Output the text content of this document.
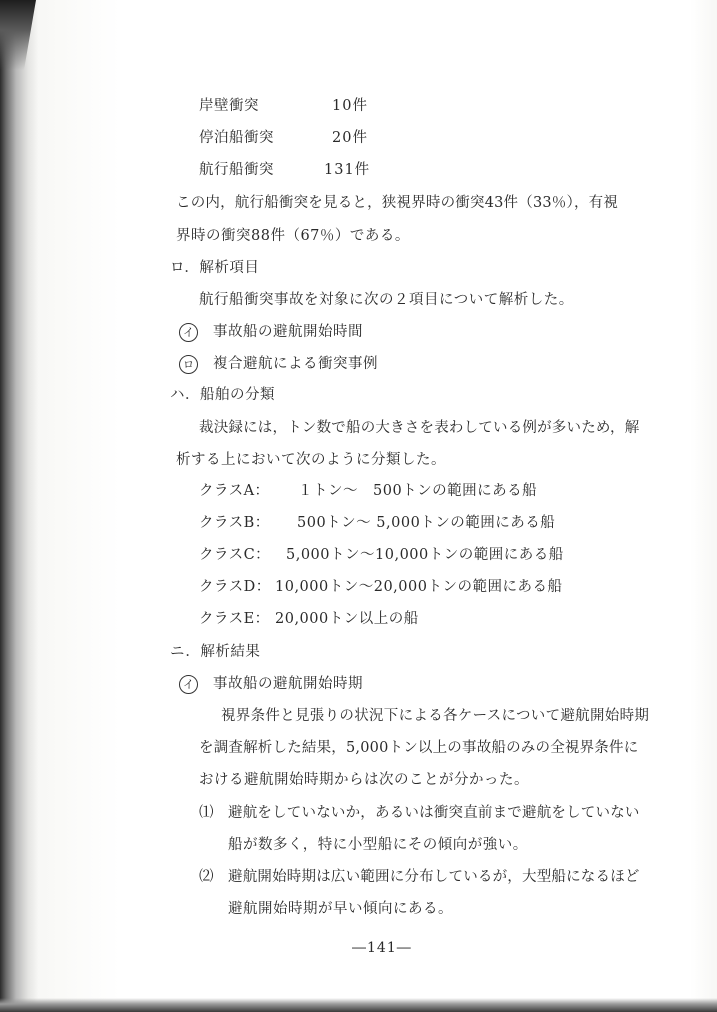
岸壁衝突	10件
停泊船衝突	20件
航行船衝突	131件
この内，航行船衝突を見ると，狭視界時の衝突43件（33％），有視
界時の衝突88件（67％）である。
ロ．解析項目
航行船衝突事故を対象に次の２項目について解析した。
イ 事故船の避航開始時間
ロ 複合避航による衝突事例
ハ．船舶の分類
裁決録には，トン数で船の大きさを表わしている例が多いため，解
析する上において次のように分類した。
クラスA： １トン～　500トンの範囲にある船
クラスB： 500トン～ 5,000トンの範囲にある船
クラスC： 5,000トン～10,000トンの範囲にある船
クラスD： 10,000トン～20,000トンの範囲にある船
クラスE： 20,000トン以上の船
ニ．解析結果
イ 事故船の避航開始時期
視界条件と見張りの状況下による各ケースについて避航開始時期
を調査解析した結果，5,000トン以上の事故船のみの全視界条件に
おける避航開始時期からは次のことが分かった。
⑴ 避航をしていないか，あるいは衝突直前まで避航をしていない
船が数多く，特に小型船にその傾向が強い。
⑵ 避航開始時期は広い範囲に分布しているが，大型船になるほど
避航開始時期が早い傾向にある。
―141―
